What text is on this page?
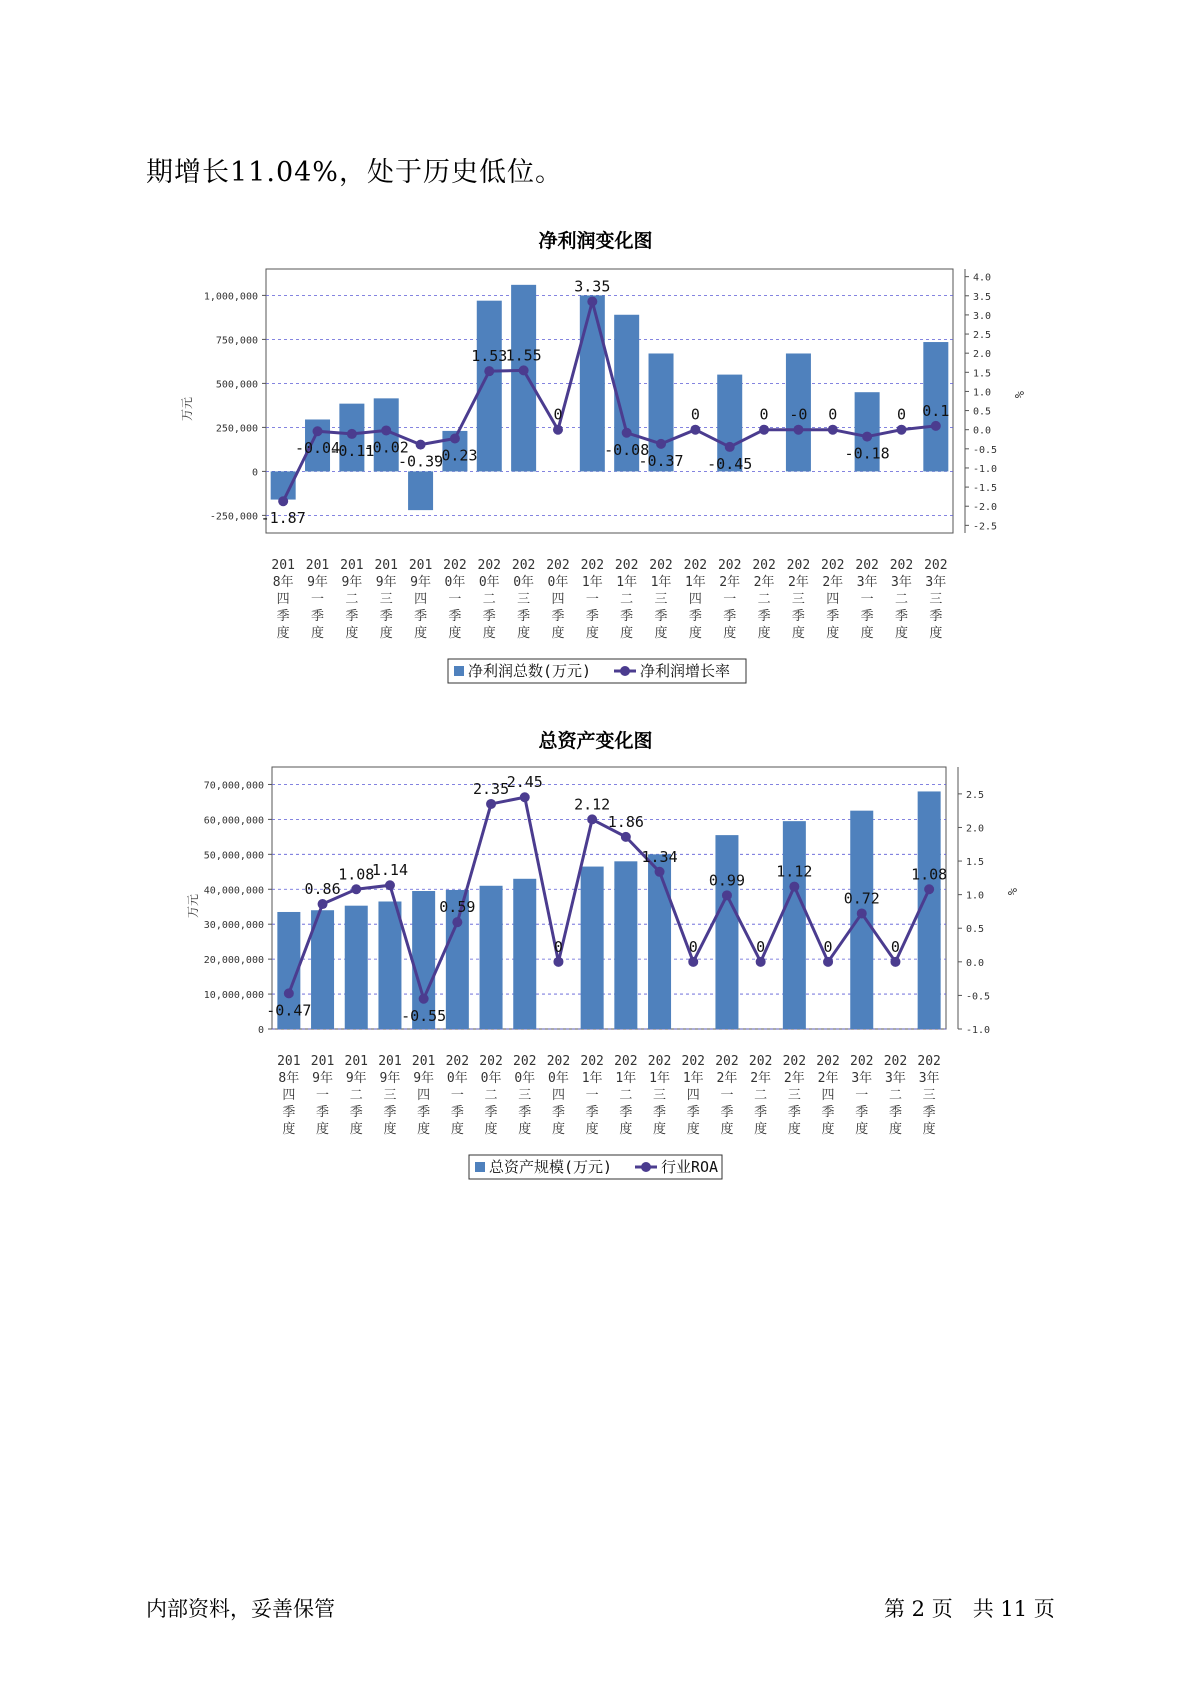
期增长11.04%，处于历史低位。
净利润变化图
-250,000
0
250,000
500,000
750,000
1,000,000
-2.5
-2.0
-1.5
-1.0
-0.5
0.0
0.5
1.0
1.5
2.0
2.5
3.0
3.5
4.0
万元
%
-1.87
-0.04
-0.11
-0.02
-0.39
-0.23
1.53
1.55
0
3.35
-0.08
-0.37
0
-0.45
0 -0 0
-0.18
0 0.1
201 8年四季度
201 9年一季度
201 9年二季度
201 9年三季度
201 9年四季度
202 0年一季度
202 0年二季度
202 0年三季度
202 0年四季度
202 1年一季度
202 1年二季度
202 1年三季度
202 1年四季度
202 2年一季度
202 2年二季度
202 2年三季度
202 2年四季度
202 3年一季度
202 3年二季度
202 3年三季度
净利润总数(万元)	净利润增长率
总资产变化图
0
10,000,000
20,000,000
30,000,000
40,000,000
50,000,000
60,000,000
70,000,000
-1.0
-0.5
0.0
0.5
1.0
1.5
2.0
2.5
万元
%
-0.47
0.86
1.08
1.14
-0.55
0.59
2.35
2.45
0
2.12
1.86
1.34
0
0.99
0
1.12
0
0.72
0
1.08
201 8年四季度
201 9年一季度
201 9年二季度
201 9年三季度
201 9年四季度
202 0年一季度
202 0年二季度
202 0年三季度
202 0年四季度
202 1年一季度
202 1年二季度
202 1年三季度
202 1年四季度
202 2年一季度
202 2年二季度
202 2年三季度
202 2年四季度
202 3年一季度
202 3年二季度
202 3年三季度
总资产规模(万元)	行业ROA
内部资料，妥善保管	第 2 页   共 11 页
